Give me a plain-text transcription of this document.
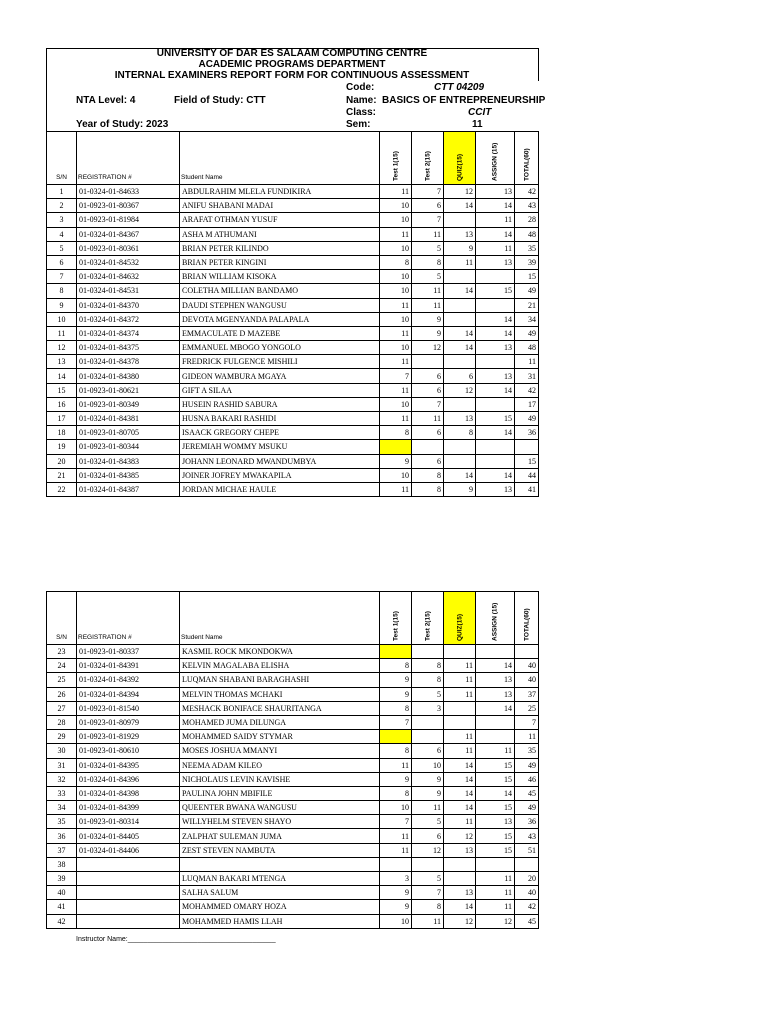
UNIVERSITY OF DAR ES SALAAM COMPUTING CENTRE
ACADEMIC PROGRAMS DEPARTMENT
INTERNAL EXAMINERS REPORT FORM FOR CONTINUOUS ASSESSMENT
Code:	CTT 04209
NTA Level: 4	Field of Study: CTT	Name: BASICS OF ENTREPRENEURSHIP
Class:	CCIT
Year of Study: 2023	Sem:	11
S/N	REGISTRATION #	Student Name	Test 1(15)	Test 2(15)	QUIZ(15)	ASSIGN (15)	TOTAL(60)

1	01-0324-01-84633	ABDULRAHIM MLELA FUNDIKIRA	11	7	12	13	42
2	01-0923-01-80367	ANIFU SHABANI MADAI	10	6	14	14	43
3	01-0923-01-81984	ARAFAT OTHMAN YUSUF	10	7		11	28
4	01-0324-01-84367	ASHA M ATHUMANI	11	11	13	14	48
5	01-0923-01-80361	BRIAN PETER KILINDO	10	5	9	11	35
6	01-0324-01-84532	BRIAN PETER KINGINI	8	8	11	13	39
7	01-0324-01-84632	BRIAN WILLIAM KISOKA	10	5			15
8	01-0324-01-84531	COLETHA MILLIAN BANDAMO	10	11	14	15	49
9	01-0324-01-84370	DAUDI STEPHEN WANGUSU	11	11			21
10	01-0324-01-84372	DEVOTA MGENYANDA PALAPALA	10	9		14	34
11	01-0324-01-84374	EMMACULATE D MAZEBE	11	9	14	14	49
12	01-0324-01-84375	EMMANUEL MBOGO YONGOLO	10	12	14	13	48
13	01-0324-01-84378	FREDRICK FULGENCE MISHILI	11				11
14	01-0324-01-84380	GIDEON WAMBURA MGAYA	7	6	6	13	31
15	01-0923-01-80621	GIFT A SILAA	11	6	12	14	42
16	01-0923-01-80349	HUSEIN RASHID SABURA	10	7			17
17	01-0324-01-84381	HUSNA BAKARI RASHIDI	11	11	13	15	49
18	01-0923-01-80705	ISAACK GREGORY CHEPE	8	6	8	14	36
19	01-0923-01-80344	JEREMIAH WOMMY MSUKU					
20	01-0324-01-84383	JOHANN LEONARD MWANDUMBYA	9	6			15
21	01-0324-01-84385	JOINER JOFREY MWAKAPILA	10	8	14	14	44
22	01-0324-01-84387	JORDAN MICHAE HAULE	11	8	9	13	41
S/N	REGISTRATION #	Student Name	Test 1(15)	Test 2(15)	QUIZ(15)	ASSIGN (15)	TOTAL(60)

23	01-0923-01-80337	KASMIL ROCK MKONDOKWA					
24	01-0324-01-84391	KELVIN MAGALABA ELISHA	8	8	11	14	40
25	01-0324-01-84392	LUQMAN SHABANI BARAGHASHI	9	8	11	13	40
26	01-0324-01-84394	MELVIN THOMAS MCHAKI	9	5	11	13	37
27	01-0923-01-81540	MESHACK BONIFACE SHAURITANGA	8	3		14	25
28	01-0923-01-80979	MOHAMED JUMA DILUNGA	7				7
29	01-0923-01-81929	MOHAMMED SAIDY STYMAR			11		11
30	01-0923-01-80610	MOSES JOSHUA MMANYI	8	6	11	11	35
31	01-0324-01-84395	NEEMA ADAM KILEO	11	10	14	15	49
32	01-0324-01-84396	NICHOLAUS LEVIN KAVISHE	9	9	14	15	46
33	01-0324-01-84398	PAULINA JOHN MBIFILE	8	9	14	14	45
34	01-0324-01-84399	QUEENTER BWANA WANGUSU	10	11	14	15	49
35	01-0923-01-80314	WILLYHELM STEVEN SHAYO	7	5	11	13	36
36	01-0324-01-84405	ZALPHAT SULEMAN JUMA	11	6	12	15	43
37	01-0324-01-84406	ZEST STEVEN NAMBUTA	11	12	13	15	51
38							
39		LUQMAN BAKARI MTENGA	3	5		11	20
40		SALHA SALUM	9	7	13	11	40
41		MOHAMMED OMARY HOZA	9	8	14	11	42
42		MOHAMMED HAMIS LLAH	10	11	12	12	45
Instructor Name:______________________________________
